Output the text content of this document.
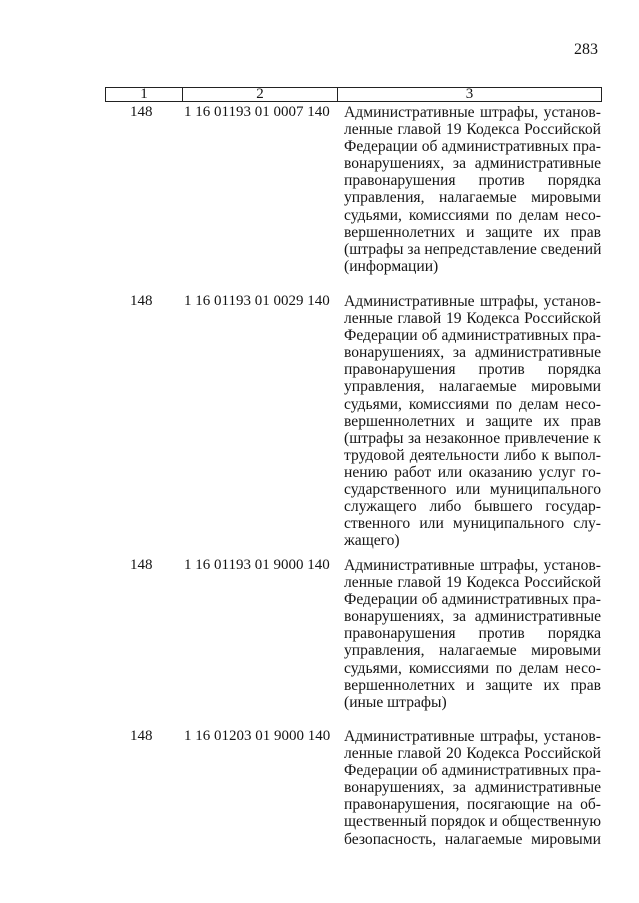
283
1	2	3
148 1 16 01193 01 0007 140 Административные штрафы, установ-
ленные главой 19 Кодекса Российской
Федерации об административных пра-
вонарушениях, за административные
правонарушения против порядка
управления, налагаемые мировыми
судьями, комиссиями по делам несо-
вершеннолетних и защите их прав
(штрафы за непредставление сведений
(информации)

148 1 16 01193 01 0029 140 Административные штрафы, установ-
ленные главой 19 Кодекса Российской
Федерации об административных пра-
вонарушениях, за административные
правонарушения против порядка
управления, налагаемые мировыми
судьями, комиссиями по делам несо-
вершеннолетних и защите их прав
(штрафы за незаконное привлечение к
трудовой деятельности либо к выпол-
нению работ или оказанию услуг го-
сударственного или муниципального
служащего либо бывшего государ-
ственного или муниципального слу-
жащего)

148 1 16 01193 01 9000 140 Административные штрафы, установ-
ленные главой 19 Кодекса Российской
Федерации об административных пра-
вонарушениях, за административные
правонарушения против порядка
управления, налагаемые мировыми
судьями, комиссиями по делам несо-
вершеннолетних и защите их прав
(иные штрафы)

148 1 16 01203 01 9000 140 Административные штрафы, установ-
ленные главой 20 Кодекса Российской
Федерации об административных пра-
вонарушениях, за административные
правонарушения, посягающие на об-
щественный порядок и общественную
безопасность, налагаемые мировыми
